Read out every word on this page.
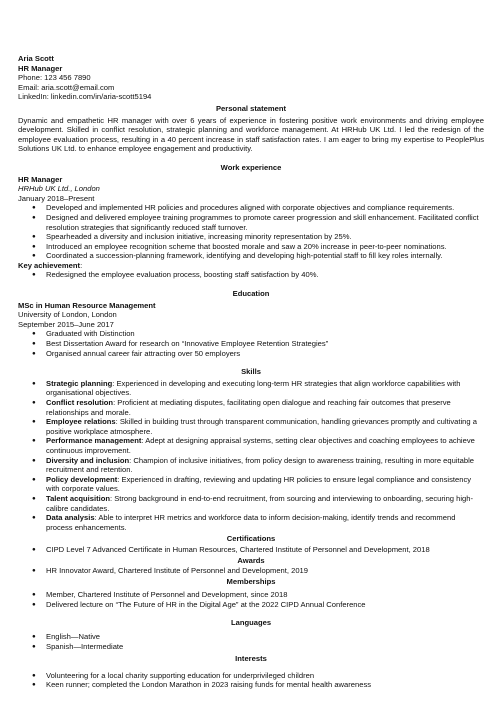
Aria Scott
HR Manager
Phone: 123 456 7890
Email: aria.scott@email.com
LinkedIn: linkedin.com/in/aria-scott5194
Personal statement
Dynamic and empathetic HR manager with over 6 years of experience in fostering positive work environments and driving employee development. Skilled in conflict resolution, strategic planning and workforce management. At HRHub UK Ltd. I led the redesign of the employee evaluation process, resulting in a 40 percent increase in staff satisfaction rates. I am eager to bring my expertise to PeoplePlus Solutions UK Ltd. to enhance employee engagement and productivity.
Work experience
HR Manager
HRHub UK Ltd., London
January 2018–Present
● Developed and implemented HR policies and procedures aligned with corporate objectives and compliance requirements.
● Designed and delivered employee training programmes to promote career progression and skill enhancement. Facilitated conflict resolution strategies that significantly reduced staff turnover.
● Spearheaded a diversity and inclusion initiative, increasing minority representation by 25%.
● Introduced an employee recognition scheme that boosted morale and saw a 20% increase in peer-to-peer nominations.
● Coordinated a succession-planning framework, identifying and developing high-potential staff to fill key roles internally.
Key achievement:
● Redesigned the employee evaluation process, boosting staff satisfaction by 40%.
Education
MSc in Human Resource Management
University of London, London
September 2015–June 2017
● Graduated with Distinction
● Best Dissertation Award for research on “Innovative Employee Retention Strategies”
● Organised annual career fair attracting over 50 employers
Skills
● Strategic planning: Experienced in developing and executing long-term HR strategies that align workforce capabilities with organisational objectives.
● Conflict resolution: Proficient at mediating disputes, facilitating open dialogue and reaching fair outcomes that preserve relationships and morale.
● Employee relations: Skilled in building trust through transparent communication, handling grievances promptly and cultivating a positive workplace atmosphere.
● Performance management: Adept at designing appraisal systems, setting clear objectives and coaching employees to achieve continuous improvement.
● Diversity and inclusion: Champion of inclusive initiatives, from policy design to awareness training, resulting in more equitable recruitment and retention.
● Policy development: Experienced in drafting, reviewing and updating HR policies to ensure legal compliance and consistency with corporate values.
● Talent acquisition: Strong background in end-to-end recruitment, from sourcing and interviewing to onboarding, securing high-calibre candidates.
● Data analysis: Able to interpret HR metrics and workforce data to inform decision-making, identify trends and recommend process enhancements.
Certifications
● CIPD Level 7 Advanced Certificate in Human Resources, Chartered Institute of Personnel and Development, 2018
Awards
● HR Innovator Award, Chartered Institute of Personnel and Development, 2019
Memberships
● Member, Chartered Institute of Personnel and Development, since 2018
● Delivered lecture on “The Future of HR in the Digital Age” at the 2022 CIPD Annual Conference
Languages
● English—Native
● Spanish—Intermediate
Interests
● Volunteering for a local charity supporting education for underprivileged children
● Keen runner; completed the London Marathon in 2023 raising funds for mental health awareness
